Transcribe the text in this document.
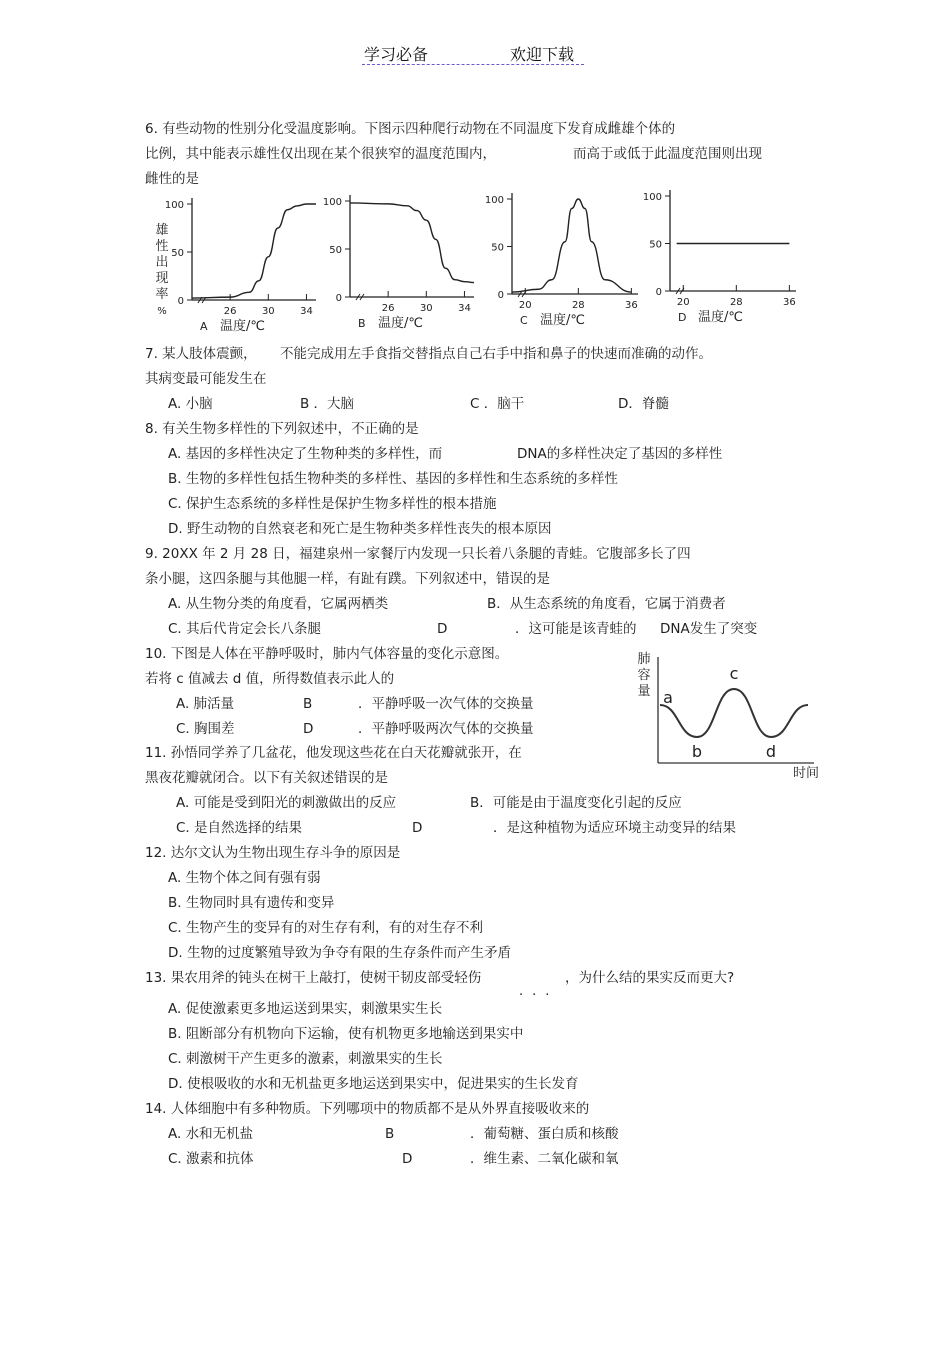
学习必备	欢迎下载
6. 有些动物的性别分化受温度影响。下图示四种爬行动物在不同温度下发育成雌雄个体的
比例，其中能表示雄性仅出现在某个很狭窄的温度范围内，	而高于或低于此温度范围则出现
雌性的是
100
50
0
26	30	34
A 温度/℃
雄
性
出
现
率
%
100
50
0
26	30	34
B 温度/℃
100
50
0
20	28	36
C 温度/℃
100
50
0
20	28	36
D 温度/℃
7. 某人肢体震颤， 不能完成用左手食指交替指点自己右手中指和鼻子的快速而准确的动作。
其病变最可能发生在
A. 小脑	B ．大脑	C ．脑干	D．脊髓
8. 有关生物多样性的下列叙述中，不正确的是
A. 基因的多样性决定了生物种类的多样性，而	DNA的多样性决定了基因的多样性
B. 生物的多样性包括生物种类的多样性、基因的多样性和生态系统的多样性
C. 保护生态系统的多样性是保护生物多样性的根本措施
D. 野生动物的自然衰老和死亡是生物种类多样性丧失的根本原因
9. 20XX 年 2 月 28 日，福建泉州一家餐厅内发现一只长着八条腿的青蛙。它腹部多长了四
条小腿，这四条腿与其他腿一样，有趾有蹼。下列叙述中，错误的是
A. 从生物分类的角度看，它属两栖类	B．从生态系统的角度看，它属于消费者
C. 其后代肯定会长八条腿	D	．这可能是该青蛙的 DNA发生了突变
10. 下图是人体在平静呼吸时，肺内气体容量的变化示意图。
若将 c 值减去 d 值，所得数值表示此人的
A. 肺活量	B	．平静呼吸一次气体的交换量
C. 胸围差	D	．平静呼吸两次气体的交换量
肺
容
量
时间
a
b
c
d
11. 孙悟同学养了几盆花，他发现这些花在白天花瓣就张开，在
黑夜花瓣就闭合。以下有关叙述错误的是
A. 可能是受到阳光的刺激做出的反应	B．可能是由于温度变化引起的反应
C. 是自然选择的结果	D	．是这种植物为适应环境主动变异的结果
12. 达尔文认为生物出现生存斗争的原因是
A. 生物个体之间有强有弱
B. 生物同时具有遗传和变异
C. 生物产生的变异有的对生存有利，有的对生存不利
D. 生物的过度繁殖导致为争夺有限的生存条件而产生矛盾
13. 果农用斧的钝头在树干上敲打，使树干韧皮部受轻伤	，为什么结的果实反而更大?
...
A. 促使激素更多地运送到果实，刺激果实生长
B. 阻断部分有机物向下运输，使有机物更多地输送到果实中
C. 刺激树干产生更多的激素，刺激果实的生长
D. 使根吸收的水和无机盐更多地运送到果实中，促进果实的生长发育
14. 人体细胞中有多种物质。下列哪项中的物质都不是从外界直接吸收来的
A. 水和无机盐	B	．葡萄糖、蛋白质和核酸
C. 激素和抗体	D	．维生素、二氧化碳和氧
